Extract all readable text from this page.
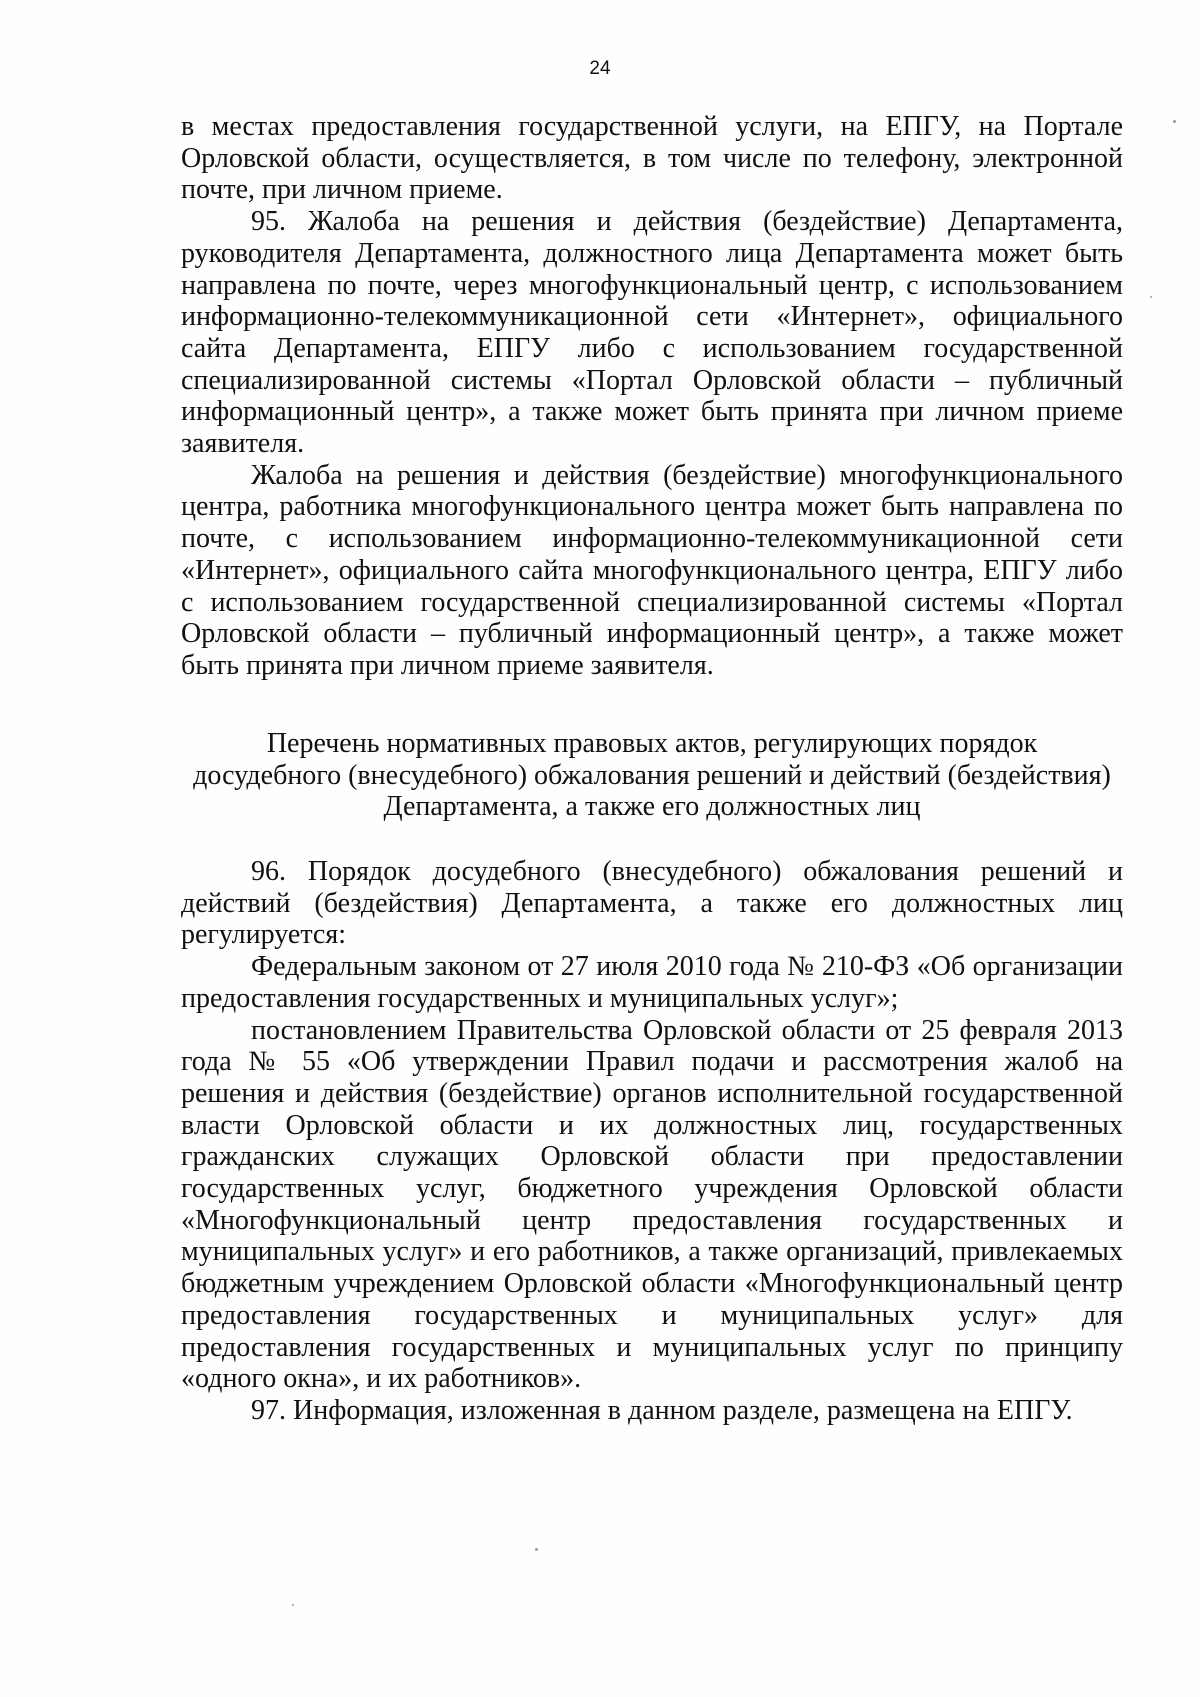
24

в местах предоставления государственной услуги, на ЕПГУ, на Портале Орловской области, осуществляется, в том числе по телефону, электронной почте, при личном приеме.

95. Жалоба на решения и действия (бездействие) Департамента, руководителя Департамента, должностного лица Департамента может быть направлена по почте, через многофункциональный центр, с использованием информационно-телекоммуникационной сети «Интернет», официального сайта Департамента, ЕПГУ либо с использованием государственной специализированной системы «Портал Орловской области – публичный информационный центр», а также может быть принята при личном приеме заявителя.

Жалоба на решения и действия (бездействие) многофункционального центра, работника многофункционального центра может быть направлена по почте, с использованием информационно-телекоммуникационной сети «Интернет», официального сайта многофункционального центра, ЕПГУ либо с использованием государственной специализированной системы «Портал Орловской области – публичный информационный центр», а также может быть принята при личном приеме заявителя.

Перечень нормативных правовых актов, регулирующих порядок
досудебного (внесудебного) обжалования решений и действий (бездействия)
Департамента, а также его должностных лиц

96. Порядок досудебного (внесудебного) обжалования решений и действий (бездействия) Департамента, а также его должностных лиц регулируется:

Федеральным законом от 27 июля 2010 года № 210-ФЗ «Об организации предоставления государственных и муниципальных услуг»;

постановлением Правительства Орловской области от 25 февраля 2013 года № 55 «Об утверждении Правил подачи и рассмотрения жалоб на решения и действия (бездействие) органов исполнительной государственной власти Орловской области и их должностных лиц, государственных гражданских служащих Орловской области при предоставлении государственных услуг, бюджетного учреждения Орловской области «Многофункциональный центр предоставления государственных и муниципальных услуг» и его работников, а также организаций, привлекаемых бюджетным учреждением Орловской области «Многофункциональный центр предоставления государственных и муниципальных услуг» для предоставления государственных и муниципальных услуг по принципу «одного окна», и их работников».

97. Информация, изложенная в данном разделе, размещена на ЕПГУ.
